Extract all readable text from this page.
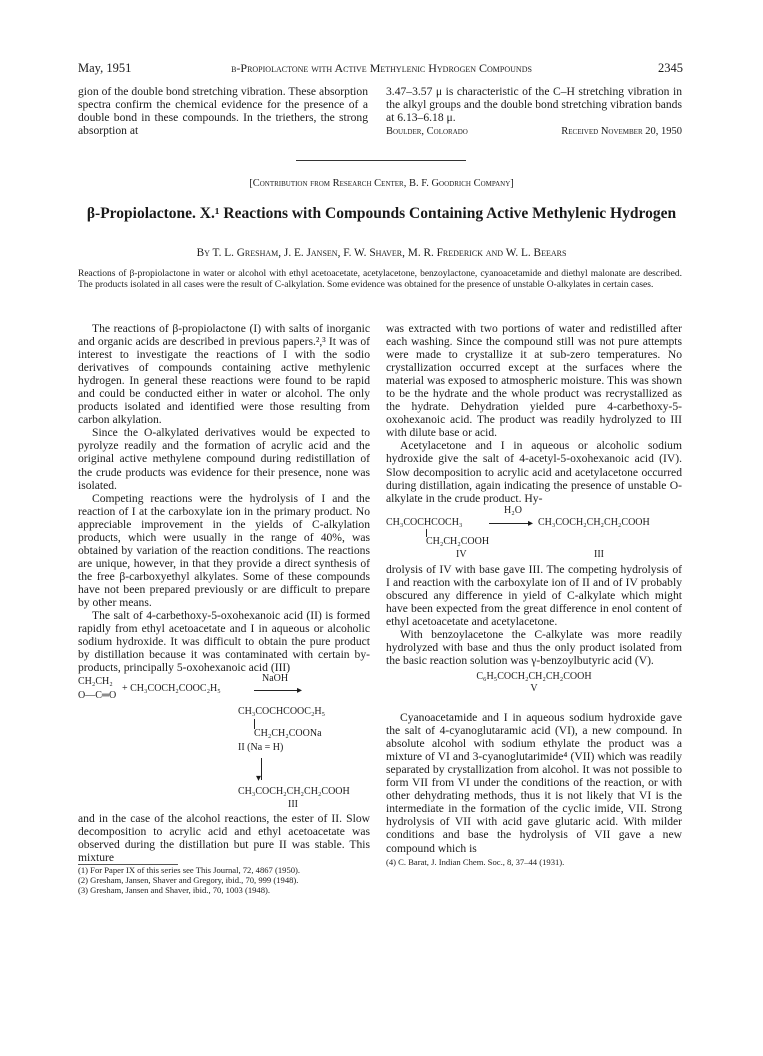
May, 1951	β-Propiolactone with Active Methylenic Hydrogen Compounds	2345

gion of the double bond stretching vibration. These absorption spectra confirm the chemical evidence for the presence of a double bond in these compounds. In the triethers, the strong absorption at

3.47–3.57 μ is characteristic of the C–H stretching vibration in the alkyl groups and the double bond stretching vibration bands at 6.13–6.18 μ.

Boulder, Colorado	Received November 20, 1950
[Contribution from Research Center, B. F. Goodrich Company]
β-Propiolactone. X.¹ Reactions with Compounds Containing Active Methylenic Hydrogen
By T. L. Gresham, J. E. Jansen, F. W. Shaver, M. R. Frederick and W. L. Beears
Reactions of β-propiolactone in water or alcohol with ethyl acetoacetate, acetylacetone, benzoylactone, cyanoacetamide and diethyl malonate are described. The products isolated in all cases were the result of C-alkylation. Some evidence was obtained for the presence of unstable O-alkylates in certain cases.

The reactions of β-propiolactone (I) with salts of inorganic and organic acids are described in previous papers.²,³ It was of interest to investigate the reactions of I with the sodio derivatives of compounds containing active methylenic hydrogen. In general these reactions were found to be rapid and could be conducted either in water or alcohol. The only products isolated and identified were those resulting from carbon alkylation.

Since the O-alkylated derivatives would be expected to pyrolyze readily and the formation of acrylic acid and the original active methylene compound during redistillation of the crude products was evidence for their presence, none was isolated.

Competing reactions were the hydrolysis of I and the reaction of I at the carboxylate ion in the primary product. No appreciable improvement in the yields of C-alkylation products, which were usually in the range of 40%, was obtained by variation of the reaction conditions. The reactions are unique, however, in that they provide a direct synthesis of the free β-carboxyethyl alkylates. Some of these compounds have not been prepared previously or are difficult to prepare by other means.

The salt of 4-carbethoxy-5-oxohexanoic acid (II) is formed rapidly from ethyl acetoacetate and I in aqueous or alcoholic sodium hydroxide. It was difficult to obtain the pure product by distillation because it was contaminated with certain by-products, principally 5-oxohexanoic acid (III)

CH₂CH₂
O—C═O
+ CH₃COCH₂COOC₂H₅
NaOH
▸
CH₃COCHCOOC₂H₅
CH₂CH₂COONa
II (Na = H)
▾
CH₃COCH₂CH₂CH₂COOH
III

and in the case of the alcohol reactions, the ester of II. Slow decomposition to acrylic acid and ethyl acetoacetate was observed during the distillation but pure II was stable. This mixture

(1) For Paper IX of this series see This Journal, 72, 4867 (1950).
(2) Gresham, Jansen, Shaver and Gregory, ibid., 70, 999 (1948).
(3) Gresham, Jansen and Shaver, ibid., 70, 1003 (1948).

was extracted with two portions of water and redistilled after each washing. Since the compound still was not pure attempts were made to crystallize it at sub-zero temperatures. No crystallization occurred except at the surfaces where the material was exposed to atmospheric moisture. This was shown to be the hydrate and the whole product was recrystallized as the hydrate. Dehydration yielded pure 4-carbethoxy-5-oxohexanoic acid. The product was readily hydrolyzed to III with dilute base or acid.

Acetylacetone and I in aqueous or alcoholic sodium hydroxide give the salt of 4-acetyl-5-oxohexanoic acid (IV). Slow decomposition to acrylic acid and acetylacetone occurred during distillation, again indicating the presence of unstable O-alkylate in the crude product. Hy-

CH₃COCHCOCH₃
CH₂CH₂COOH
H₂O
▸ CH₃COCH₂CH₂CH₂COOH
IV	III

drolysis of IV with base gave III. The competing hydrolysis of I and reaction with the carboxylate ion of II and of IV probably obscured any difference in yield of C-alkylate which might have been expected from the great difference in enol content of ethyl acetoacetate and acetylacetone.

With benzoylacetone the C-alkylate was more readily hydrolyzed with base and thus the only product isolated from the basic reaction solution was γ-benzoylbutyric acid (V).

C₆H₅COCH₂CH₂CH₂COOH
V

Cyanoacetamide and I in aqueous sodium hydroxide gave the salt of 4-cyanoglutaramic acid (VI), a new compound. In absolute alcohol with sodium ethylate the product was a mixture of VI and 3-cyanoglutarimide⁴ (VII) which was readily separated by crystallization from alcohol. It was not possible to form VII from VI under the conditions of the reaction, or with other dehydrating methods, thus it is not likely that VI is the intermediate in the formation of the cyclic imide, VII. Strong hydrolysis of VII with acid gave glutaric acid. With milder conditions and base the hydrolysis of VII gave a new compound which is

(4) C. Barat, J. Indian Chem. Soc., 8, 37–44 (1931).
